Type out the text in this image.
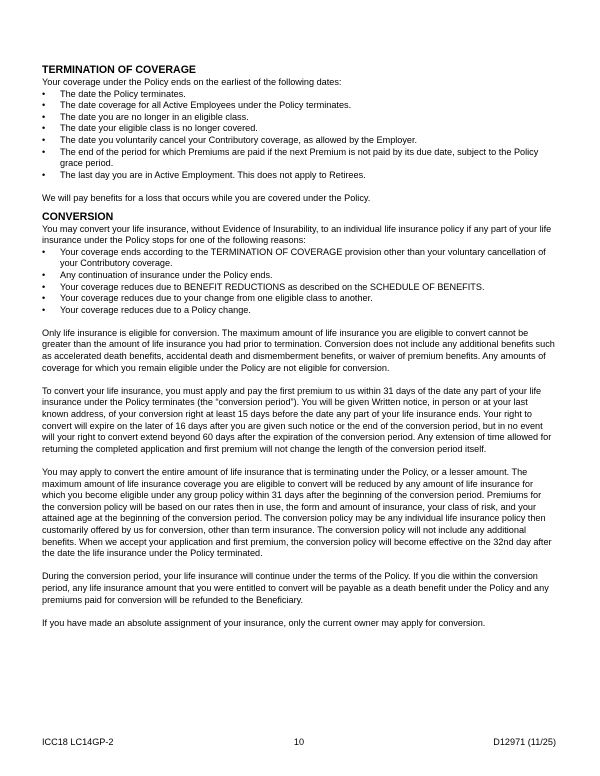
TERMINATION OF COVERAGE

Your coverage under the Policy ends on the earliest of the following dates:

•	The date the Policy terminates.
•	The date coverage for all Active Employees under the Policy terminates.
•	The date you are no longer in an eligible class.
•	The date your eligible class is no longer covered.
•	The date you voluntarily cancel your Contributory coverage, as allowed by the Employer.
•	The end of the period for which Premiums are paid if the next Premium is not paid by its due date, subject to the Policy grace period.
•	The last day you are in Active Employment. This does not apply to Retirees.

We will pay benefits for a loss that occurs while you are covered under the Policy.

CONVERSION

You may convert your life insurance, without Evidence of Insurability, to an individual life insurance policy if any part of your life insurance under the Policy stops for one of the following reasons:

•	Your coverage ends according to the TERMINATION OF COVERAGE provision other than your voluntary cancellation of your Contributory coverage.
•	Any continuation of insurance under the Policy ends.
•	Your coverage reduces due to BENEFIT REDUCTIONS as described on the SCHEDULE OF BENEFITS.
•	Your coverage reduces due to your change from one eligible class to another.
•	Your coverage reduces due to a Policy change.

Only life insurance is eligible for conversion. The maximum amount of life insurance you are eligible to convert cannot be greater than the amount of life insurance you had prior to termination. Conversion does not include any additional benefits such as accelerated death benefits, accidental death and dismemberment benefits, or waiver of premium benefits. Any amounts of coverage for which you remain eligible under the Policy are not eligible for conversion.

To convert your life insurance, you must apply and pay the first premium to us within 31 days of the date any part of your life insurance under the Policy terminates (the “conversion period”). You will be given Written notice, in person or at your last known address, of your conversion right at least 15 days before the date any part of your life insurance ends. Your right to convert will expire on the later of 16 days after you are given such notice or the end of the conversion period, but in no event will your right to convert extend beyond 60 days after the expiration of the conversion period. Any extension of time allowed for returning the completed application and first premium will not change the length of the conversion period itself.

You may apply to convert the entire amount of life insurance that is terminating under the Policy, or a lesser amount. The maximum amount of life insurance coverage you are eligible to convert will be reduced by any amount of life insurance for which you become eligible under any group policy within 31 days after the beginning of the conversion period. Premiums for the conversion policy will be based on our rates then in use, the form and amount of insurance, your class of risk, and your attained age at the beginning of the conversion period. The conversion policy may be any individual life insurance policy then customarily offered by us for conversion, other than term insurance. The conversion policy will not include any additional benefits. When we accept your application and first premium, the conversion policy will become effective on the 32nd day after the date the life insurance under the Policy terminated.

During the conversion period, your life insurance will continue under the terms of the Policy. If you die within the conversion period, any life insurance amount that you were entitled to convert will be payable as a death benefit under the Policy and any premiums paid for conversion will be refunded to the Beneficiary.

If you have made an absolute assignment of your insurance, only the current owner may apply for conversion.

ICC18 LC14GP-2	10	D12971 (11/25)
